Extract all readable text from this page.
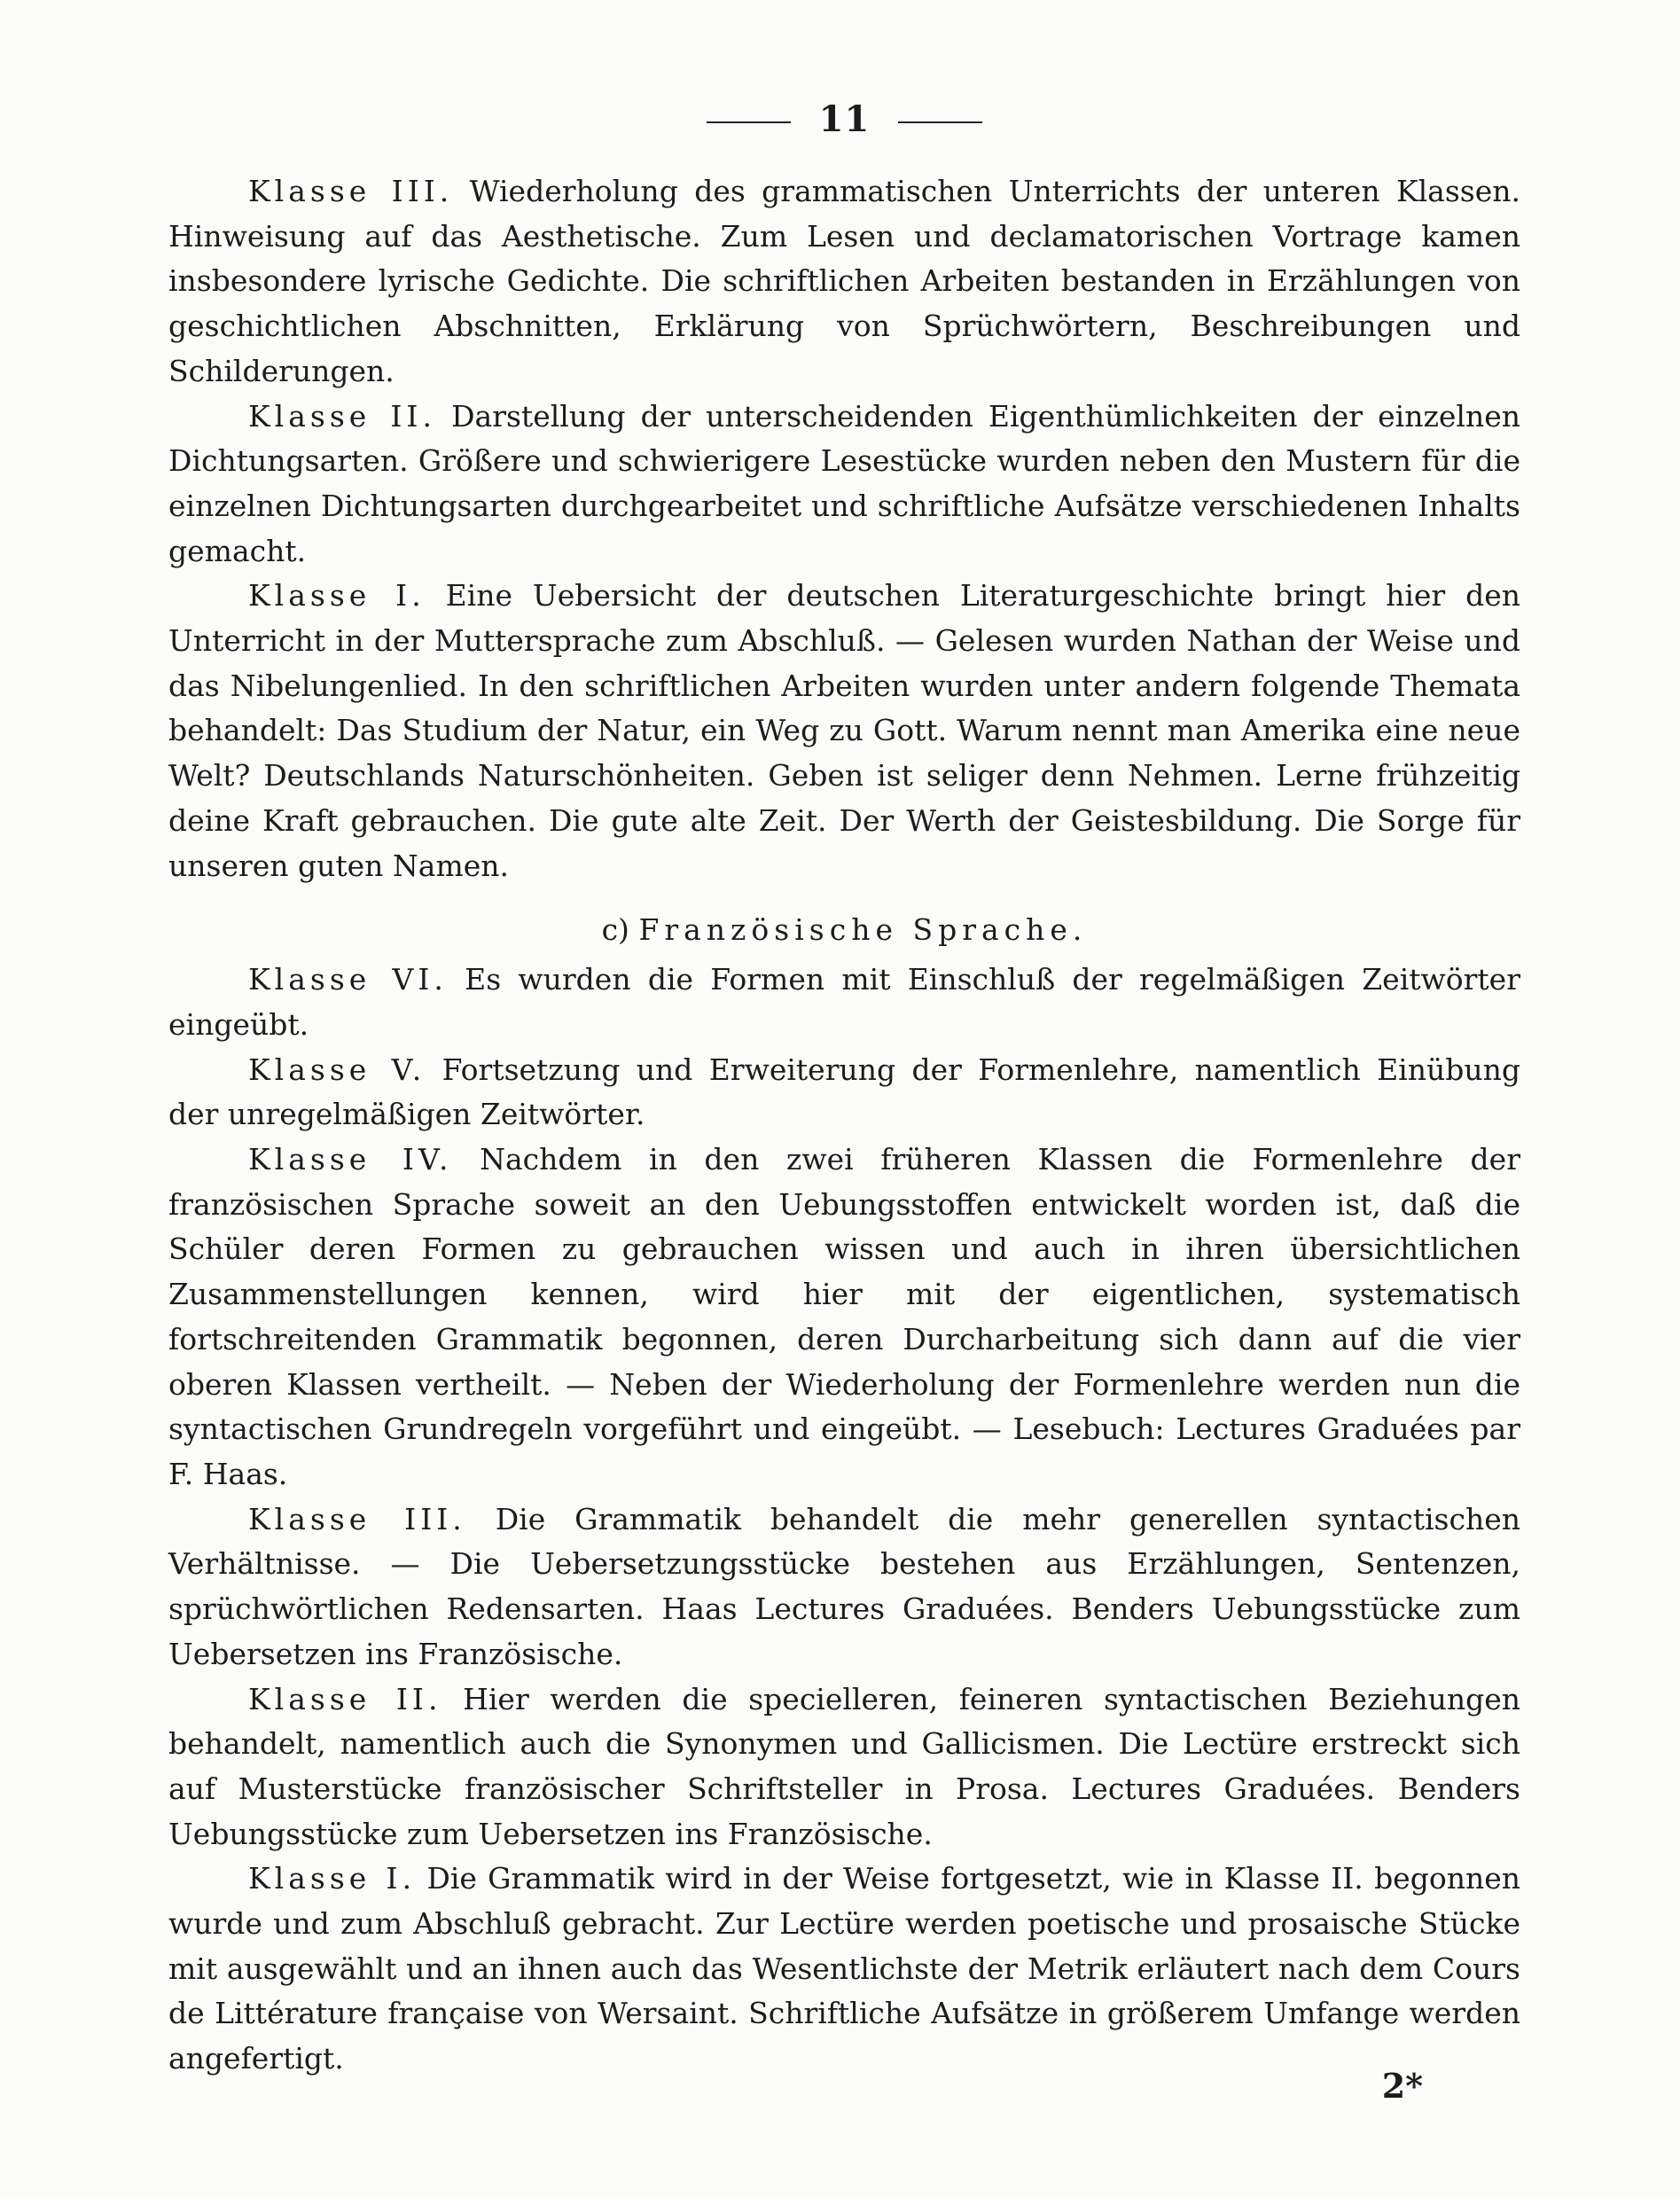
11

Klasse III. Wiederholung des grammatischen Unterrichts der unteren Klassen. Hinweisung auf das Aesthetische. Zum Lesen und declamatorischen Vortrage kamen insbesondere lyrische Gedichte. Die schriftlichen Arbeiten bestanden in Erzählungen von geschichtlichen Abschnitten, Erklärung von Sprüchwörtern, Beschreibungen und Schilderungen.

Klasse II. Darstellung der unterscheidenden Eigenthümlichkeiten der einzelnen Dichtungsarten. Größere und schwierigere Lesestücke wurden neben den Mustern für die einzelnen Dichtungsarten durchgearbeitet und schriftliche Aufsätze verschiedenen Inhalts gemacht.

Klasse I. Eine Uebersicht der deutschen Literaturgeschichte bringt hier den Unterricht in der Muttersprache zum Abschluß. — Gelesen wurden Nathan der Weise und das Nibelungenlied. In den schriftlichen Arbeiten wurden unter andern folgende Themata behandelt: Das Studium der Natur, ein Weg zu Gott. Warum nennt man Amerika eine neue Welt? Deutschlands Naturschönheiten. Geben ist seliger denn Nehmen. Lerne frühzeitig deine Kraft gebrauchen. Die gute alte Zeit. Der Werth der Geistesbildung. Die Sorge für unseren guten Namen.

c) Französische Sprache.

Klasse VI. Es wurden die Formen mit Einschluß der regelmäßigen Zeitwörter eingeübt.

Klasse V. Fortsetzung und Erweiterung der Formenlehre, namentlich Einübung der unregelmäßigen Zeitwörter.

Klasse IV. Nachdem in den zwei früheren Klassen die Formenlehre der französischen Sprache soweit an den Uebungsstoffen entwickelt worden ist, daß die Schüler deren Formen zu gebrauchen wissen und auch in ihren übersichtlichen Zusammenstellungen kennen, wird hier mit der eigentlichen, systematisch fortschreitenden Grammatik begonnen, deren Durcharbeitung sich dann auf die vier oberen Klassen vertheilt. — Neben der Wiederholung der Formenlehre werden nun die syntactischen Grundregeln vorgeführt und eingeübt. — Lesebuch: Lectures Graduées par F. Haas.

Klasse III. Die Grammatik behandelt die mehr generellen syntactischen Verhältnisse. — Die Uebersetzungsstücke bestehen aus Erzählungen, Sentenzen, sprüchwörtlichen Redensarten. Haas Lectures Graduées. Benders Uebungsstücke zum Uebersetzen ins Französische.

Klasse II. Hier werden die specielleren, feineren syntactischen Beziehungen behandelt, namentlich auch die Synonymen und Gallicismen. Die Lectüre erstreckt sich auf Musterstücke französischer Schriftsteller in Prosa. Lectures Graduées. Benders Uebungsstücke zum Uebersetzen ins Französische.

Klasse I. Die Grammatik wird in der Weise fortgesetzt, wie in Klasse II. begonnen wurde und zum Abschluß gebracht. Zur Lectüre werden poetische und prosaische Stücke mit ausgewählt und an ihnen auch das Wesentlichste der Metrik erläutert nach dem Cours de Littérature française von Wersaint. Schriftliche Aufsätze in größerem Umfange werden angefertigt.

2*
